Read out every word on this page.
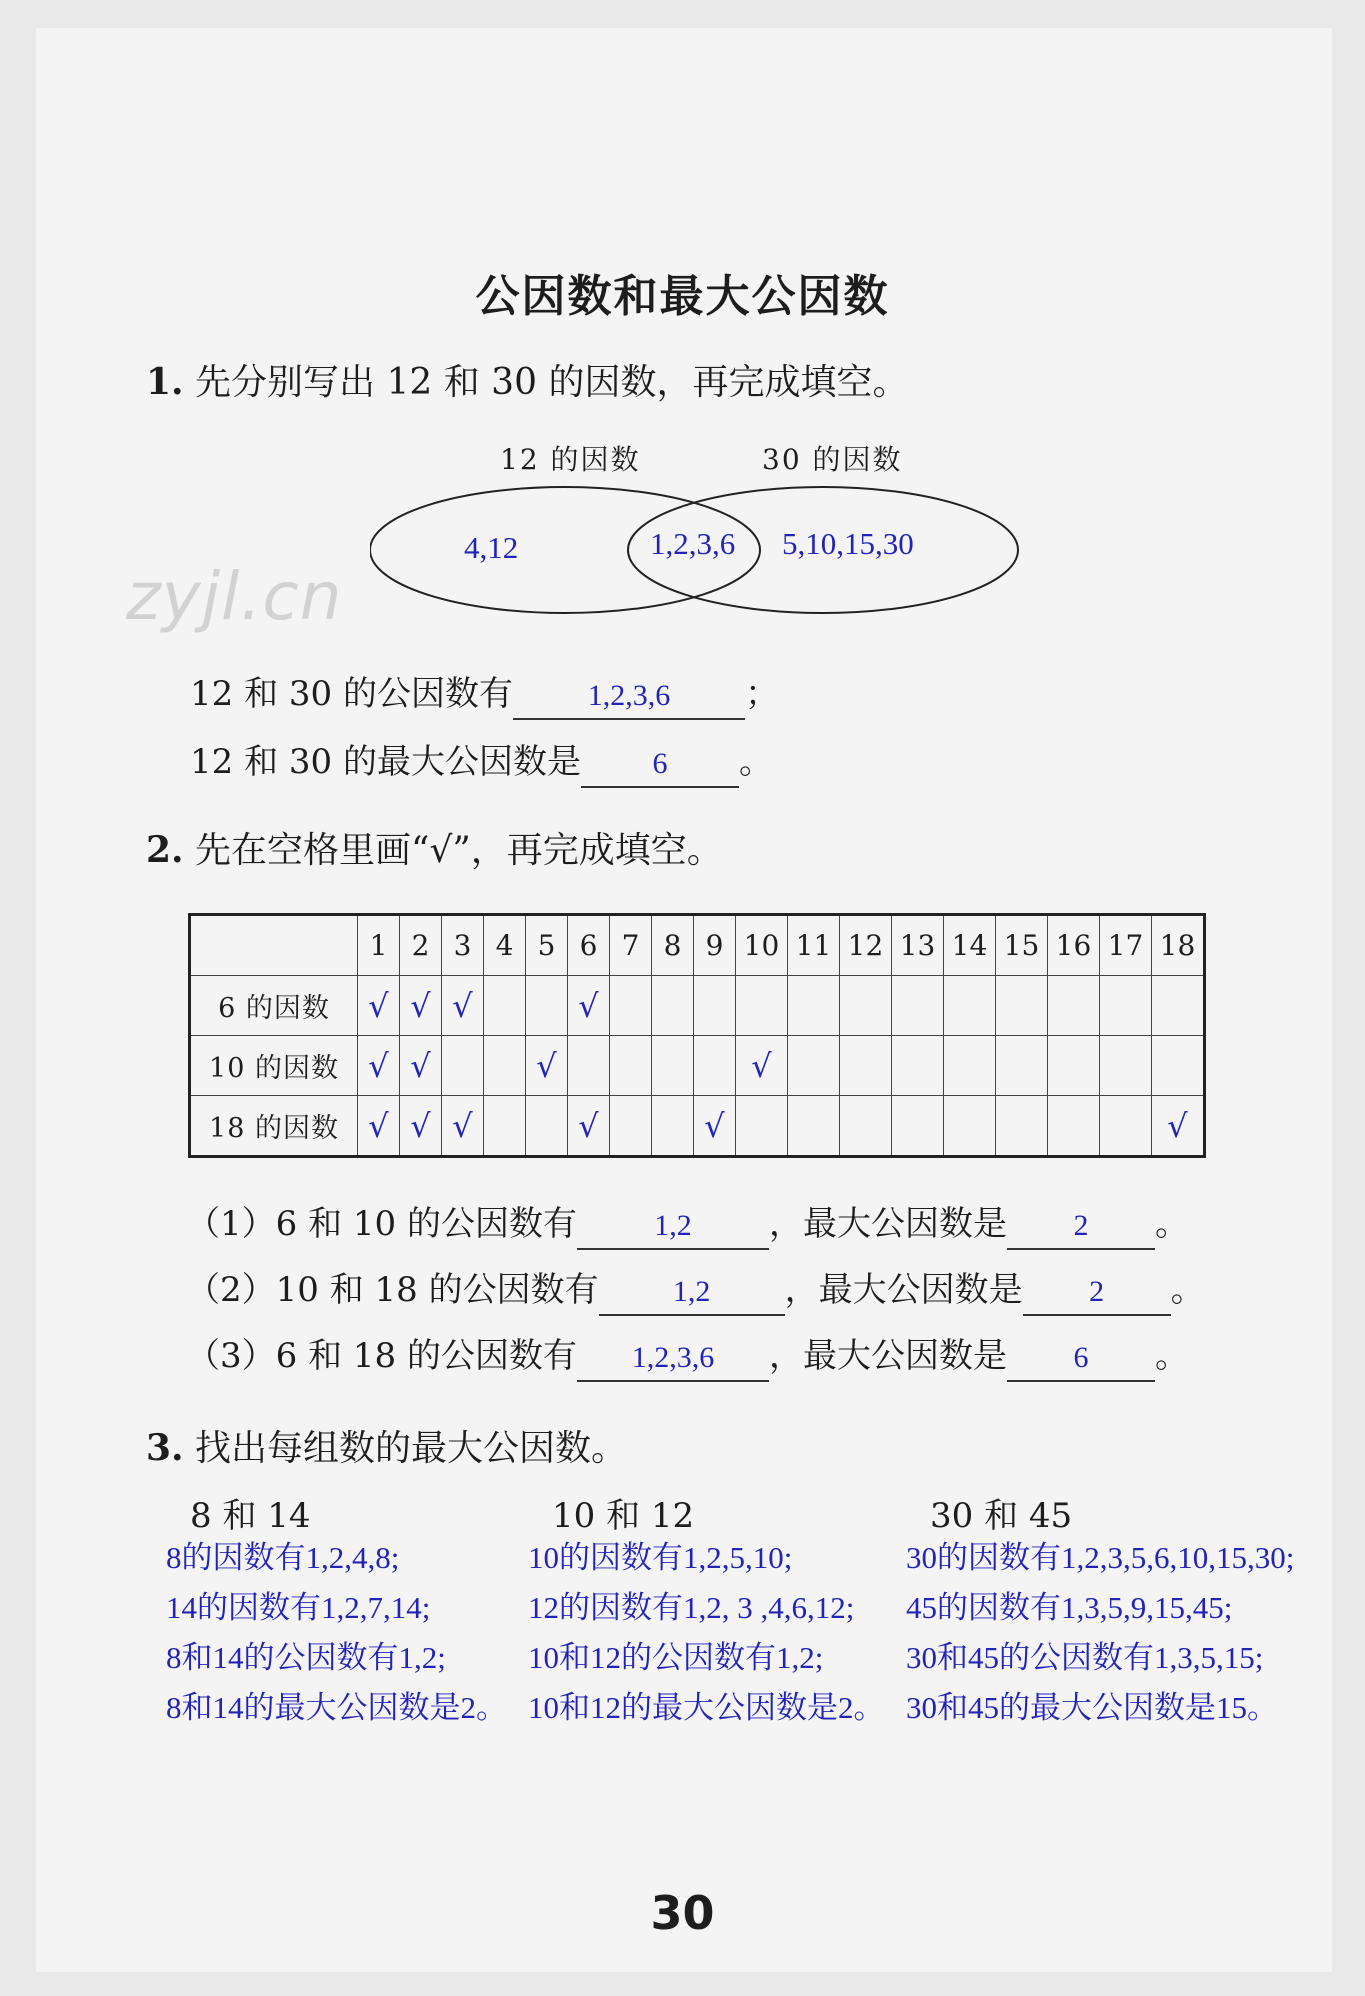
zyjl.cn
公因数和最大公因数
1. 先分别写出 12 和 30 的因数，再完成填空。
12 的因数	30 的因数
4,12	1,2,3,6 5,10,15,30
12 和 30 的公因数有 1,2,3,6 ；
12 和 30 的最大公因数是 6 。
2. 先在空格里画“√”，再完成填空。
	1	2	3	4	5	6	7	8	9	10	11	12	13	14	15	16	17	18
6 的因数	√	√	√			√												
10 的因数	√	√			√					√								
18 的因数	√	√	√			√			√									√
（1）6 和 10 的公因数有	1,2 ，最大公因数是 2 。
（2）10 和 18 的公因数有 1,2 ，最大公因数是 2 。
（3）6 和 18 的公因数有 1,2,3,6 ，最大公因数是 6 。
3. 找出每组数的最大公因数。
8 和 14	10 和 12	30 和 45
8的因数有1,2,4,8;
14的因数有1,2,7,14;
8和14的公因数有1,2;
8和14的最大公因数是2。
10的因数有1,2,5,10;
12的因数有1,2, 3 ,4,6,12;
10和12的公因数有1,2;
10和12的最大公因数是2。
30的因数有1,2,3,5,6,10,15,30;
45的因数有1,3,5,9,15,45;
30和45的公因数有1,3,5,15;
30和45的最大公因数是15。
30
